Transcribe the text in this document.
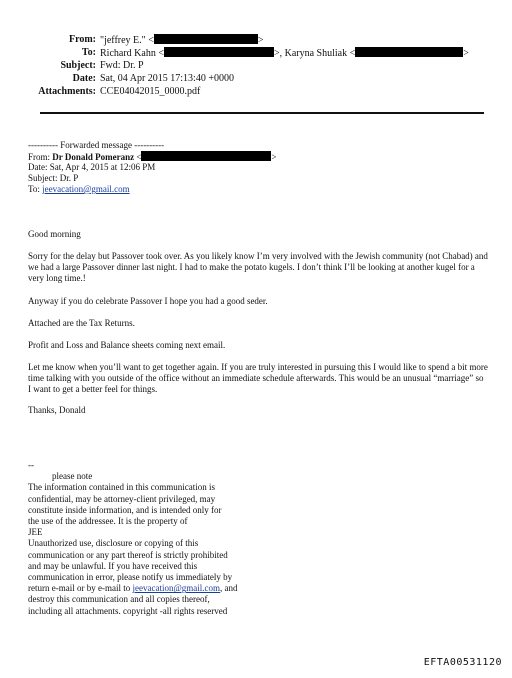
From: "jeffrey E." <	>
To: Richard Kahn <	>, Karyna Shuliak <	>
Subject: Fwd: Dr. P
Date: Sat, 04 Apr 2015 17:13:40 +0000
Attachments: CCE04042015_0000.pdf
---------- Forwarded message ----------
From: Dr Donald Pomeranz <	>
Date: Sat, Apr 4, 2015 at 12:06 PM
Subject: Dr. P
To: jeevacation@gmail.com

Good morning

Sorry for the delay but Passover took over. As you likely know I’m very involved with the Jewish community (not Chabad) and we had a large Passover dinner last night. I had to make the potato kugels. I don’t think I’ll be looking at another kugel for a very long time.!

Anyway if you do celebrate Passover I hope you had a good seder.

Attached are the Tax Returns.

Profit and Loss and Balance sheets coming next email.

Let me know when you’ll want to get together again. If you are truly interested in pursuing this I would like to spend a bit more time talking with you outside of the office without an immediate schedule afterwards. This would be an unusual “marriage” so I want to get a better feel for things.

Thanks, Donald

--
please note
The information contained in this communication is
confidential, may be attorney-client privileged, may
constitute inside information, and is intended only for
the use of the addressee. It is the property of
JEE
Unauthorized use, disclosure or copying of this
communication or any part thereof is strictly prohibited
and may be unlawful. If you have received this
communication in error, please notify us immediately by
return e-mail or by e-mail to jeevacation@gmail.com, and
destroy this communication and all copies thereof,
including all attachments. copyright -all rights reserved
EFTA00531120
